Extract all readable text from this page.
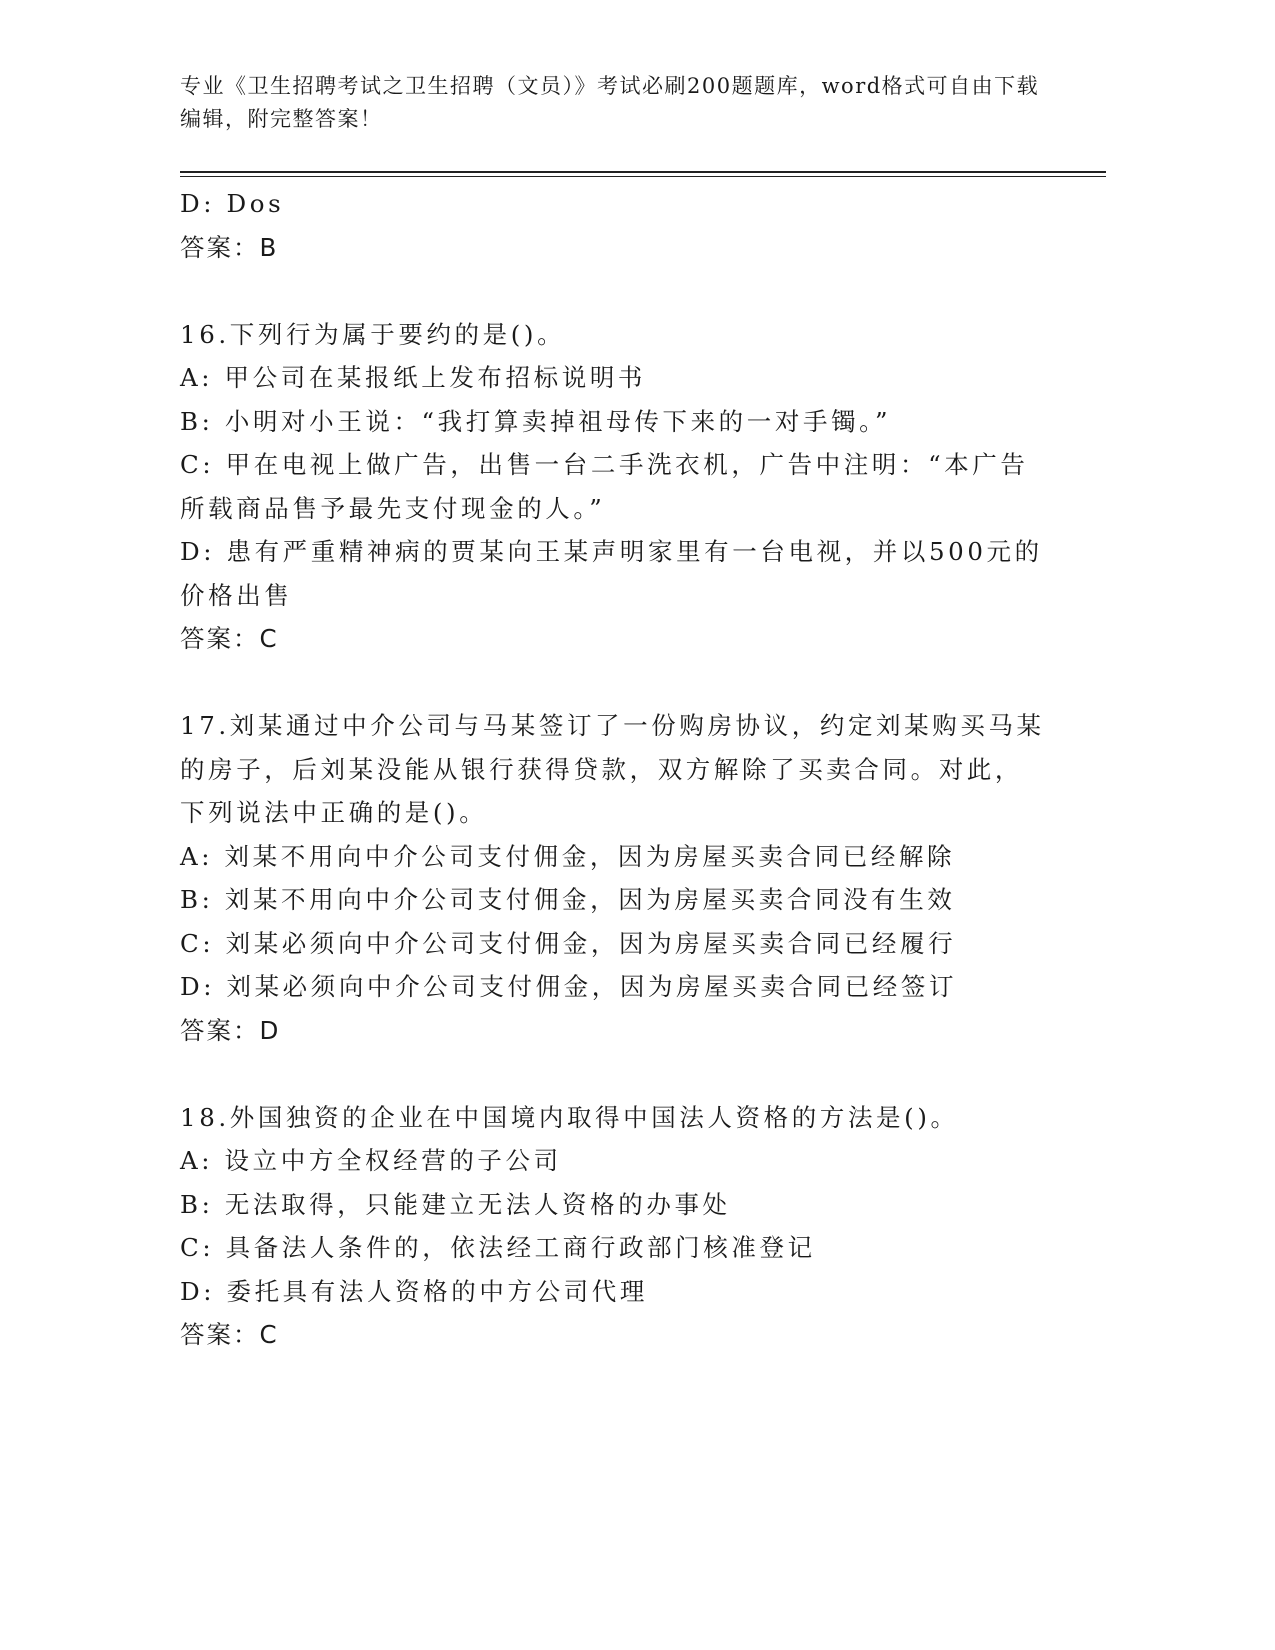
专业《卫生招聘考试之卫生招聘（文员）》考试必刷200题题库，word格式可自由下载编辑，附完整答案！

D: Dos

答案：B

16.下列行为属于要约的是()。

A: 甲公司在某报纸上发布招标说明书

B: 小明对小王说：“我打算卖掉祖母传下来的一对手镯。”

C: 甲在电视上做广告，出售一台二手洗衣机，广告中注明：“本广告

所载商品售予最先支付现金的人。”

D: 患有严重精神病的贾某向王某声明家里有一台电视，并以500元的

价格出售

答案：C

17.刘某通过中介公司与马某签订了一份购房协议，约定刘某购买马某

的房子，后刘某没能从银行获得贷款，双方解除了买卖合同。对此，

下列说法中正确的是()。

A: 刘某不用向中介公司支付佣金，因为房屋买卖合同已经解除

B: 刘某不用向中介公司支付佣金，因为房屋买卖合同没有生效

C: 刘某必须向中介公司支付佣金，因为房屋买卖合同已经履行

D: 刘某必须向中介公司支付佣金，因为房屋买卖合同已经签订

答案：D

18.外国独资的企业在中国境内取得中国法人资格的方法是()。

A: 设立中方全权经营的子公司

B: 无法取得，只能建立无法人资格的办事处

C: 具备法人条件的，依法经工商行政部门核准登记

D: 委托具有法人资格的中方公司代理

答案：C
